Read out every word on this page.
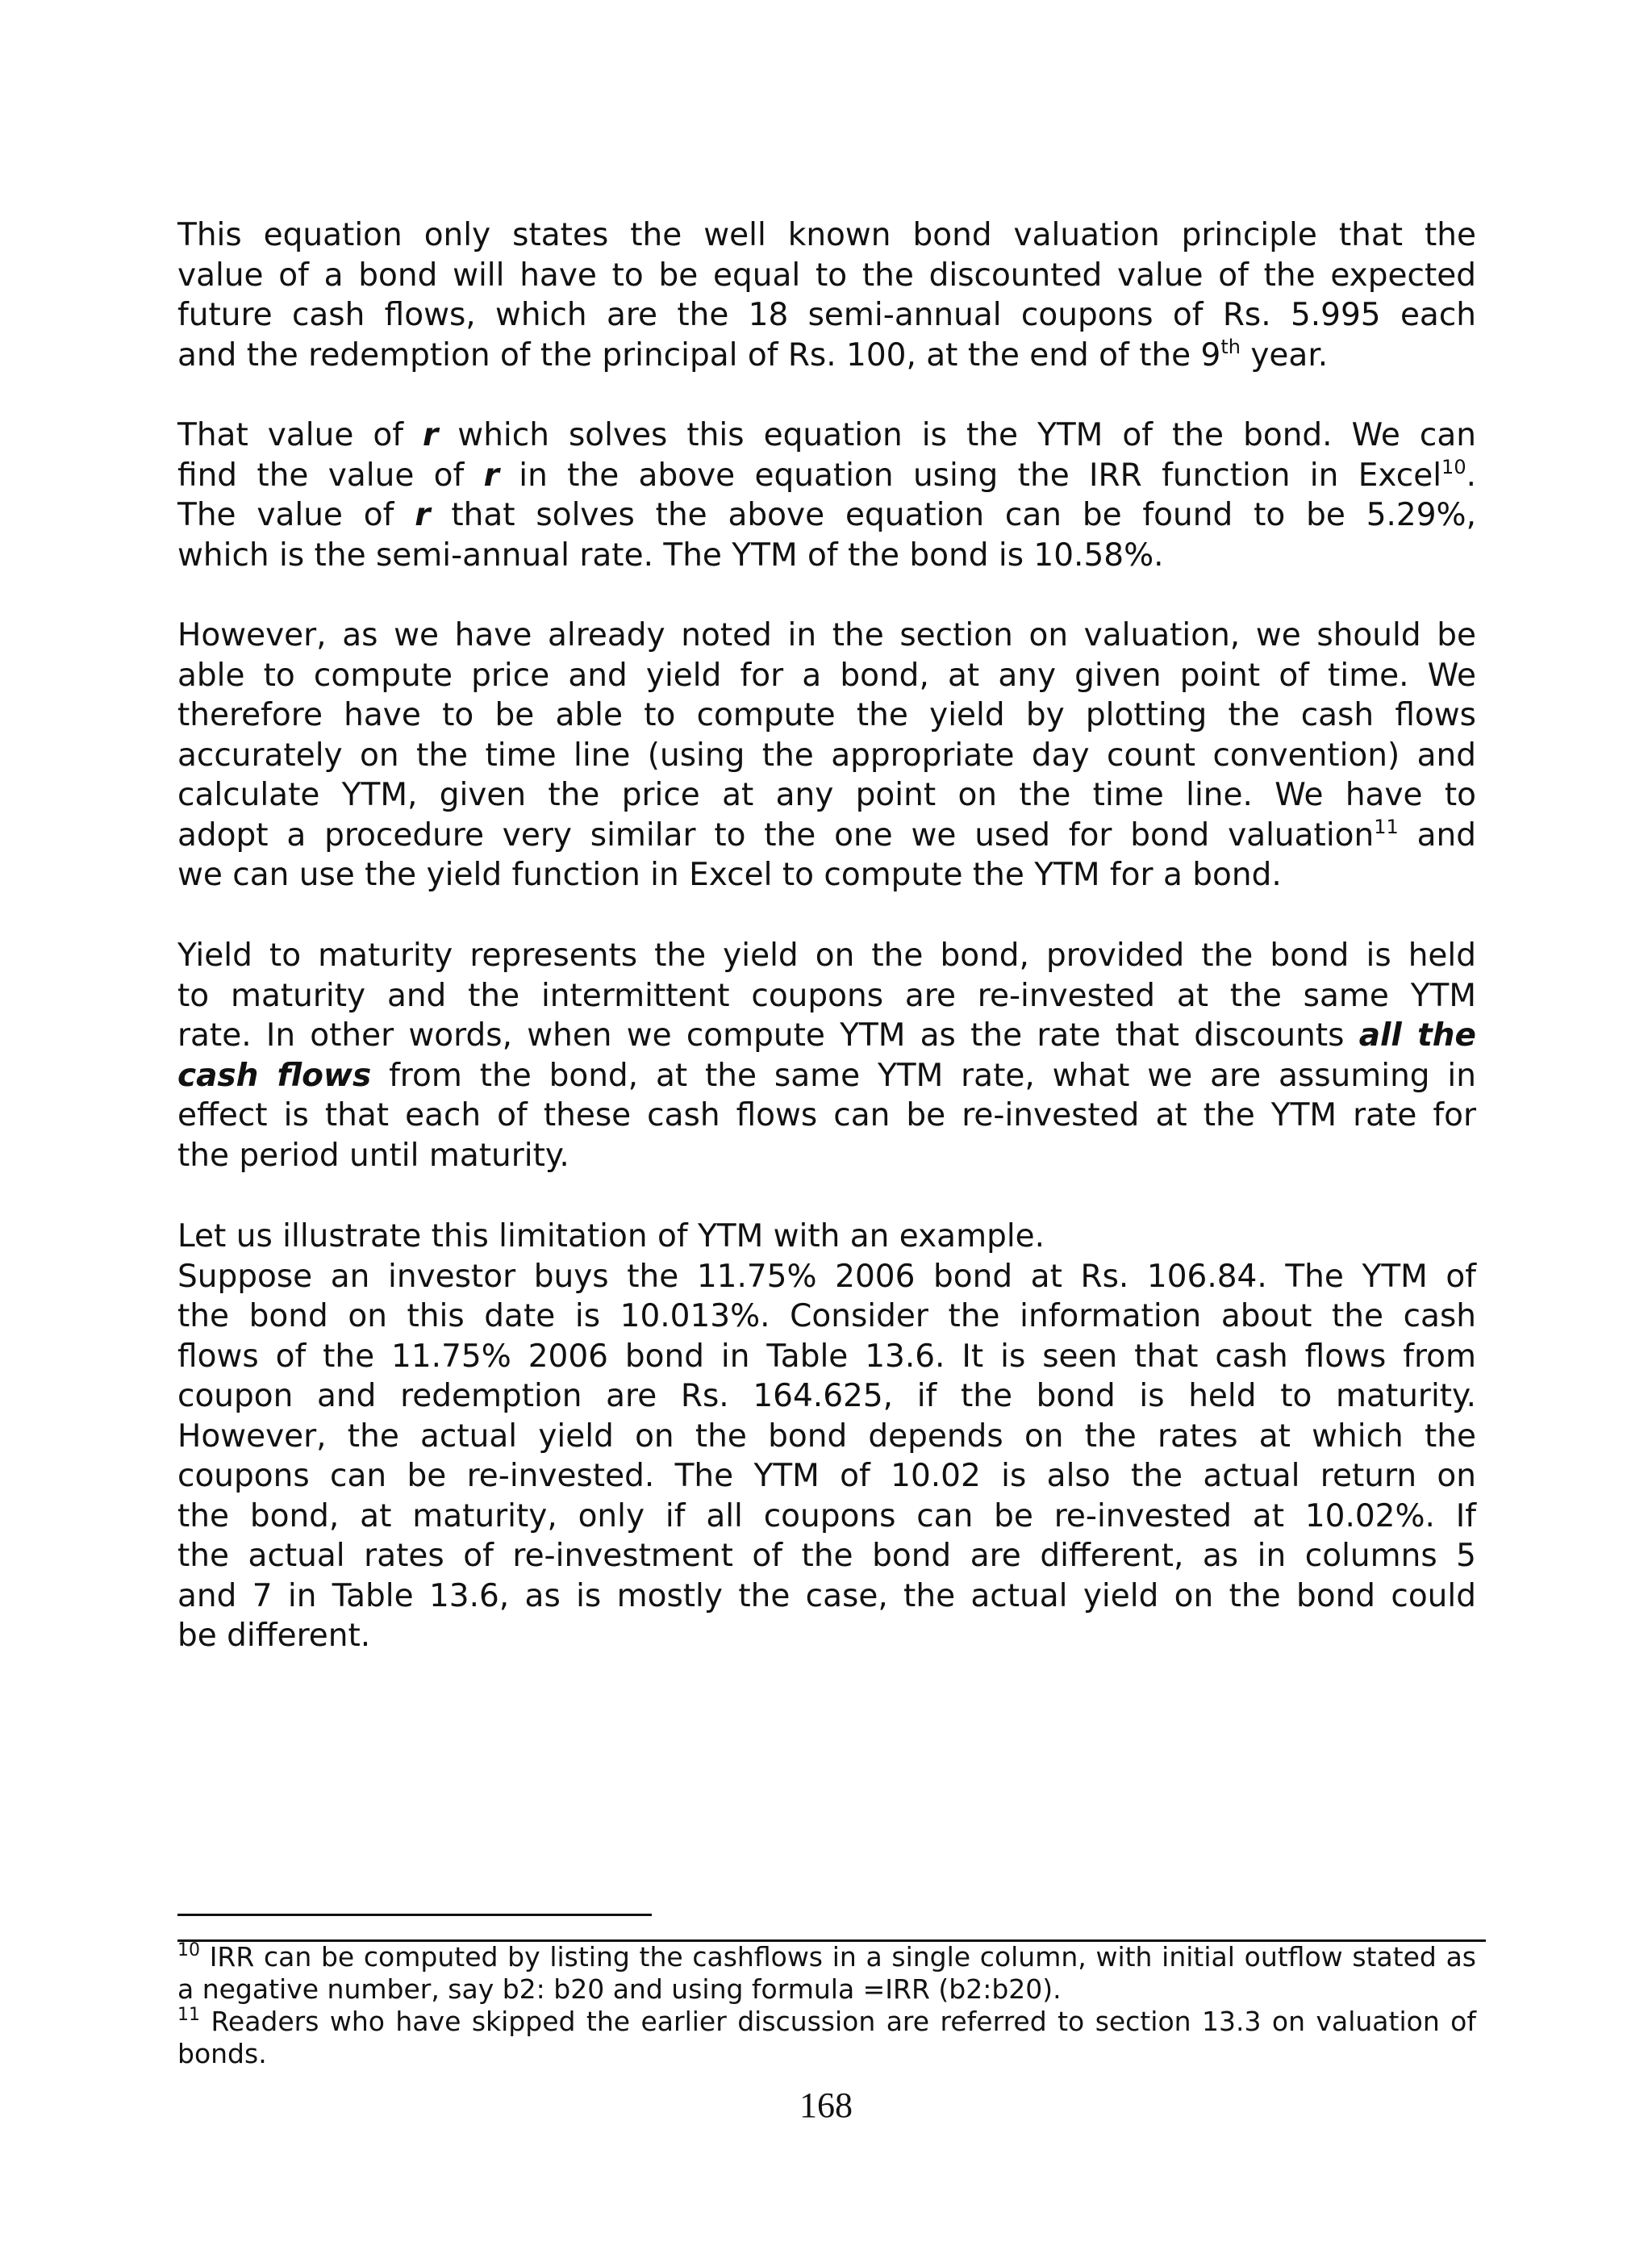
This equation only states the well known bond valuation principle that the
value of a bond will have to be equal to the discounted value of the expected
future cash flows, which are the 18 semi-annual coupons of Rs. 5.995 each
and the redemption of the principal of Rs. 100, at the end of the 9th year.
That value of r which solves this equation is the YTM of the bond. We can
find the value of r in the above equation using the IRR function in Excel$^{10}$.
The value of r that solves the above equation can be found to be 5.29%,
which is the semi-annual rate. The YTM of the bond is 10.58%.
However, as we have already noted in the section on valuation, we should be
able to compute price and yield for a bond, at any given point of time. We
therefore have to be able to compute the yield by plotting the cash flows
accurately on the time line (using the appropriate day count convention) and
calculate YTM, given the price at any point on the time line. We have to
adopt a procedure very similar to the one we used for bond valuation$^{11}$ and
we can use the yield function in Excel to compute the YTM for a bond.
Yield to maturity represents the yield on the bond, provided the bond is held
to maturity and the intermittent coupons are re-invested at the same YTM
rate. In other words, when we compute YTM as the rate that discounts all the
cash flows from the bond, at the same YTM rate, what we are assuming in
effect is that each of these cash flows can be re-invested at the YTM rate for
the period until maturity.
Let us illustrate this limitation of YTM with an example.
Suppose an investor buys the 11.75% 2006 bond at Rs. 106.84. The YTM of
the bond on this date is 10.013%. Consider the information about the cash
flows of the 11.75% 2006 bond in Table 13.6. It is seen that cash flows from
coupon and redemption are Rs. 164.625, if the bond is held to maturity.
However, the actual yield on the bond depends on the rates at which the
coupons can be re-invested. The YTM of 10.02 is also the actual return on
the bond, at maturity, only if all coupons can be re-invested at 10.02%. If
the actual rates of re-investment of the bond are different, as in columns 5
and 7 in Table 13.6, as is mostly the case, the actual yield on the bond could
be different.
$^{10}$ IRR can be computed by listing the cashflows in a single column, with initial outflow stated as
a negative number, say b2: b20 and using formula =IRR (b2:b20).
$^{11}$ Readers who have skipped the earlier discussion are referred to section 13.3 on valuation of
bonds.
168
